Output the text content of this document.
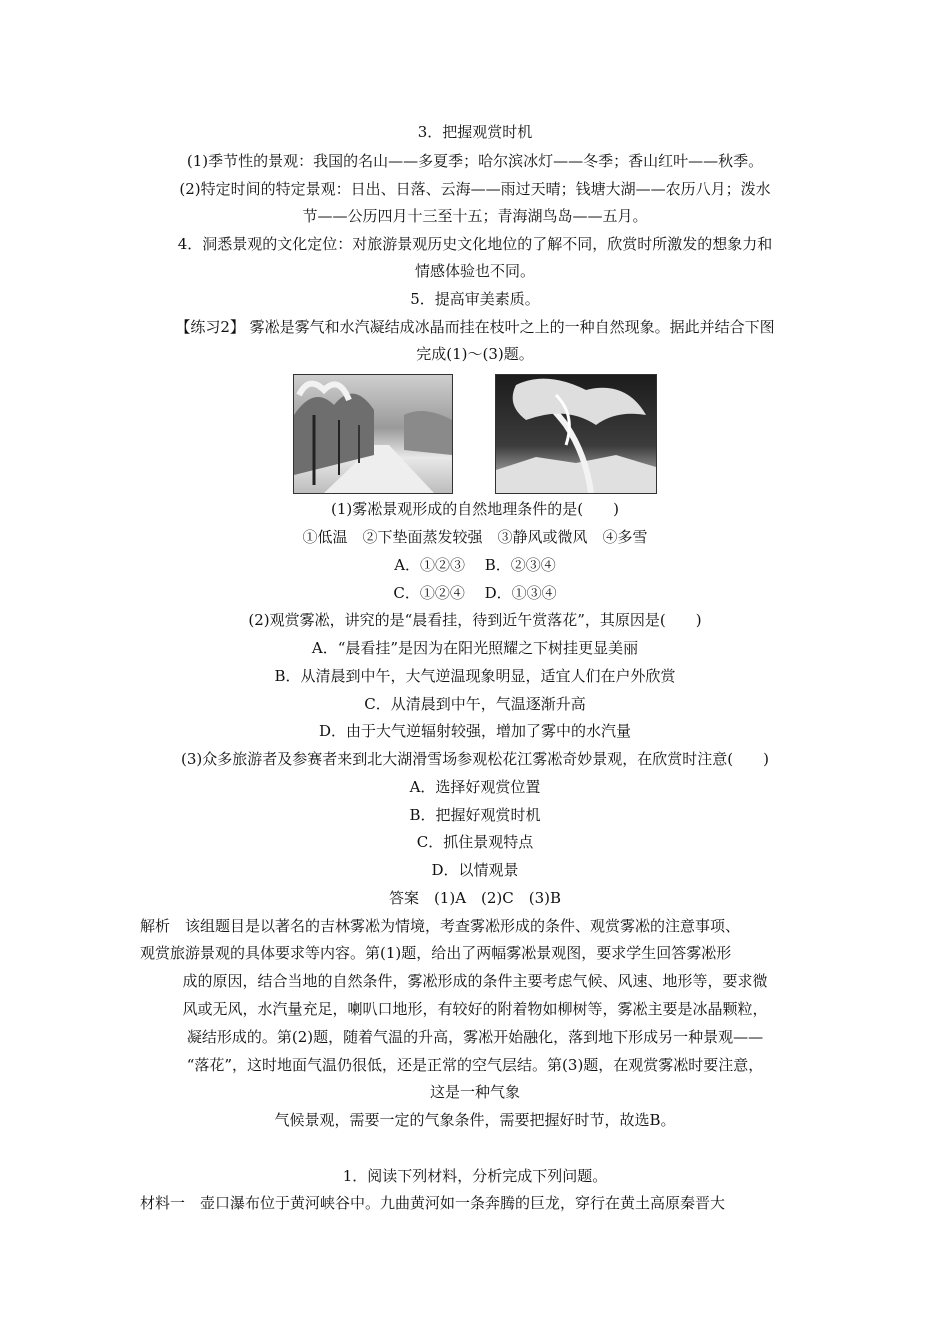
3．把握观赏时机
(1)季节性的景观：我国的名山——多夏季；哈尔滨冰灯——冬季；香山红叶——秋季。
(2)特定时间的特定景观：日出、日落、云海——雨过天晴；钱塘大湖——农历八月；泼水
节——公历四月十三至十五；青海湖鸟岛——五月。
4．洞悉景观的文化定位：对旅游景观历史文化地位的了解不同，欣赏时所激发的想象力和
情感体验也不同。
5．提高审美素质。
【练习2】 雾凇是雾气和水汽凝结成冰晶而挂在枝叶之上的一种自然现象。据此并结合下图
完成(1)～(3)题。
(1)雾凇景观形成的自然地理条件的是(　　)
①低温　②下垫面蒸发较强　③静风或微风　④多雪
A．①②③　 B．②③④
C．①②④　 D．①③④
(2)观赏雾凇，讲究的是“晨看挂，待到近午赏落花”，其原因是(　　)
A．“晨看挂”是因为在阳光照耀之下树挂更显美丽
B．从清晨到中午，大气逆温现象明显，适宜人们在户外欣赏
C．从清晨到中午，气温逐渐升高
D．由于大气逆辐射较强，增加了雾中的水汽量
(3)众多旅游者及参赛者来到北大湖滑雪场参观松花江雾凇奇妙景观，在欣赏时注意(　　)
A．选择好观赏位置
B．把握好观赏时机
C．抓住景观特点
D．以情观景
答案　(1)A　(2)C　(3)B
解析　该组题目是以著名的吉林雾凇为情境，考查雾凇形成的条件、观赏雾凇的注意事项、
观赏旅游景观的具体要求等内容。第(1)题，给出了两幅雾凇景观图，要求学生回答雾凇形
成的原因，结合当地的自然条件，雾凇形成的条件主要考虑气候、风速、地形等，要求微
风或无风，水汽量充足，喇叭口地形，有较好的附着物如柳树等，雾凇主要是冰晶颗粒，
凝结形成的。第(2)题，随着气温的升高，雾凇开始融化，落到地下形成另一种景观——
“落花”，这时地面气温仍很低，还是正常的空气层结。第(3)题，在观赏雾凇时要注意，
这是一种气象
气候景观，需要一定的气象条件，需要把握好时节，故选B。
1．阅读下列材料，分析完成下列问题。
材料一　壶口瀑布位于黄河峡谷中。九曲黄河如一条奔腾的巨龙，穿行在黄土高原秦晋大
